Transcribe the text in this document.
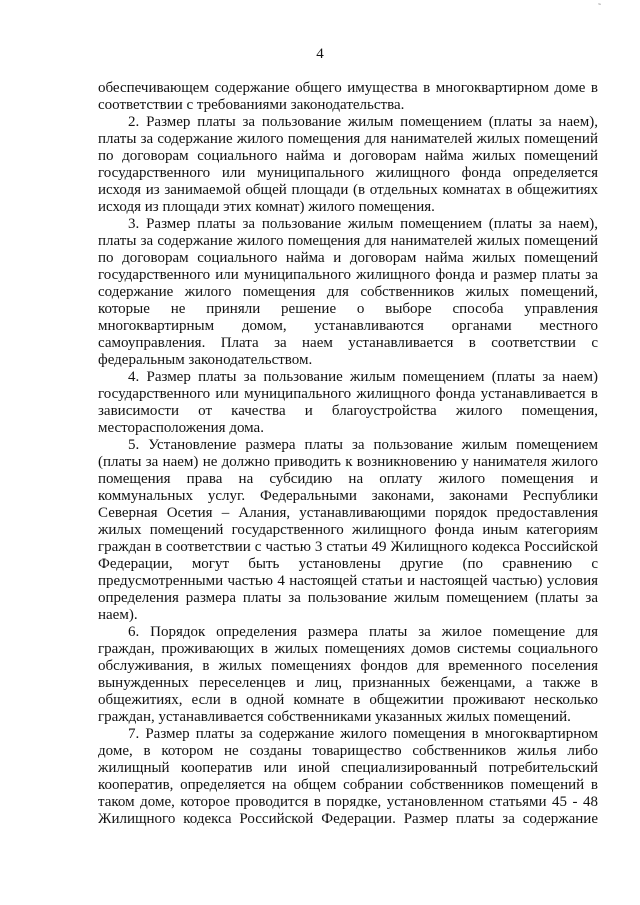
˜
4
обеспечивающем содержание общего имущества в многоквартирном доме в
соответствии с требованиями законодательства.
2. Размер платы за пользование жилым помещением (платы за наем),
платы за содержание жилого помещения для нанимателей жилых помещений
по договорам социального найма и договорам найма жилых помещений
государственного или муниципального жилищного фонда определяется
исходя из занимаемой общей площади (в отдельных комнатах в общежитиях
исходя из площади этих комнат) жилого помещения.
3. Размер платы за пользование жилым помещением (платы за наем),
платы за содержание жилого помещения для нанимателей жилых помещений
по договорам социального найма и договорам найма жилых помещений
государственного или муниципального жилищного фонда и размер платы за
содержание жилого помещения для собственников жилых помещений,
которые не приняли решение о выборе способа управления
многоквартирным домом, устанавливаются органами местного
самоуправления. Плата за наем устанавливается в соответствии с
федеральным законодательством.
4. Размер платы за пользование жилым помещением (платы за наем)
государственного или муниципального жилищного фонда устанавливается в
зависимости от качества и благоустройства жилого помещения,
месторасположения дома.
5. Установление размера платы за пользование жилым помещением
(платы за наем) не должно приводить к возникновению у нанимателя жилого
помещения права на субсидию на оплату жилого помещения и
коммунальных услуг. Федеральными законами, законами Республики
Северная Осетия – Алания, устанавливающими порядок предоставления
жилых помещений государственного жилищного фонда иным категориям
граждан в соответствии с частью 3 статьи 49 Жилищного кодекса Российской
Федерации, могут быть установлены другие (по сравнению с
предусмотренными частью 4 настоящей статьи и настоящей частью) условия
определения размера платы за пользование жилым помещением (платы за
наем).
6. Порядок определения размера платы за жилое помещение для
граждан, проживающих в жилых помещениях домов системы социального
обслуживания, в жилых помещениях фондов для временного поселения
вынужденных переселенцев и лиц, признанных беженцами, а также в
общежитиях, если в одной комнате в общежитии проживают несколько
граждан, устанавливается собственниками указанных жилых помещений.
7. Размер платы за содержание жилого помещения в многоквартирном
доме, в котором не созданы товарищество собственников жилья либо
жилищный кооператив или иной специализированный потребительский
кооператив, определяется на общем собрании собственников помещений в
таком доме, которое проводится в порядке, установленном статьями 45 - 48
Жилищного кодекса Российской Федерации. Размер платы за содержание
